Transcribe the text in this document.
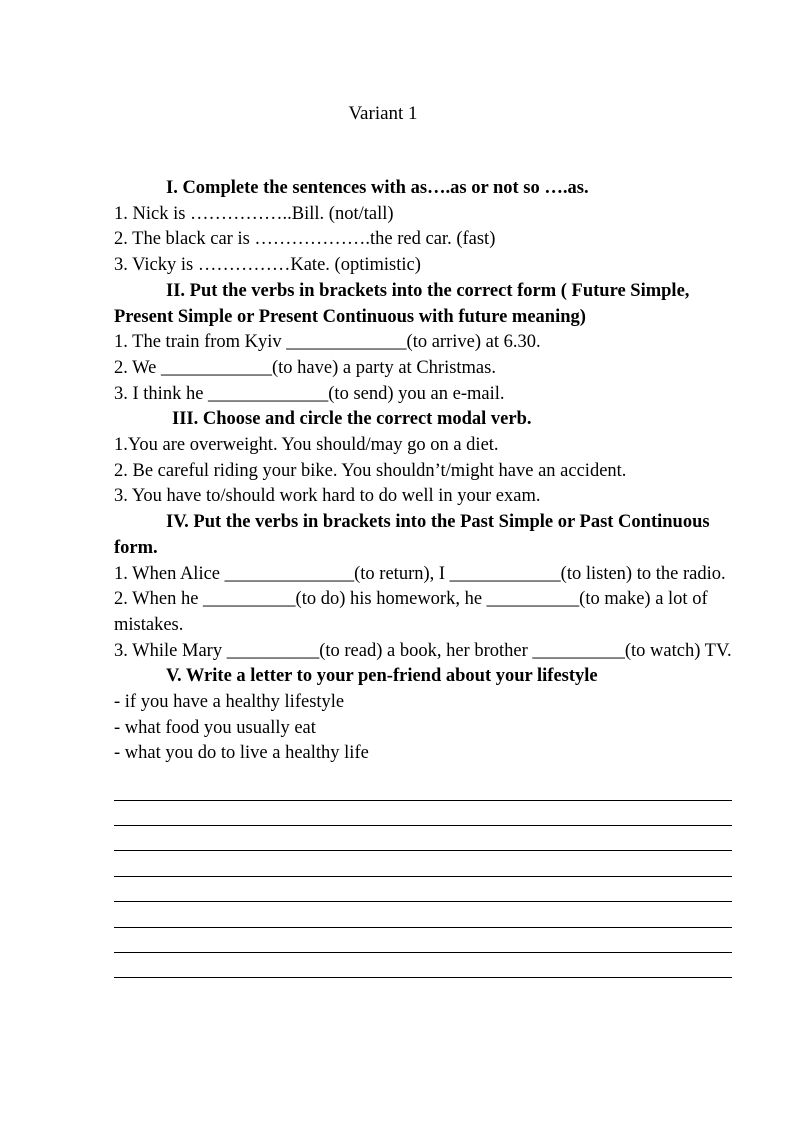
Variant 1

I. Complete the sentences with as….as or not so ….as.

1. Nick is ……………..Bill. (not/tall)

2. The black car is ……………….the red car. (fast)

3. Vicky is ……………Kate. (optimistic)

II. Put the verbs in brackets into the correct form ( Future Simple, Present Simple or Present Continuous with future meaning)

1. The train from Kyiv _____________(to arrive) at 6.30.

2. We ____________(to have) a party at Christmas.

3. I think he _____________(to send) you an e-mail.

III. Choose and circle the correct modal verb.

1.You are overweight. You should/may go on a diet.

2. Be careful riding your bike. You shouldn’t/might have an accident.

3. You have to/should work hard to do well in your exam.

IV. Put the verbs in brackets into the Past Simple or Past Continuous form.

1. When Alice ______________(to return), I ____________(to listen) to the radio.

2. When he __________(to do) his homework, he __________(to make) a lot of mistakes.

3. While Mary __________(to read) a book, her brother __________(to watch) TV.

V. Write a letter to your pen-friend about your lifestyle

- if you have a healthy lifestyle

- what food you usually eat

- what you do to live a healthy life
